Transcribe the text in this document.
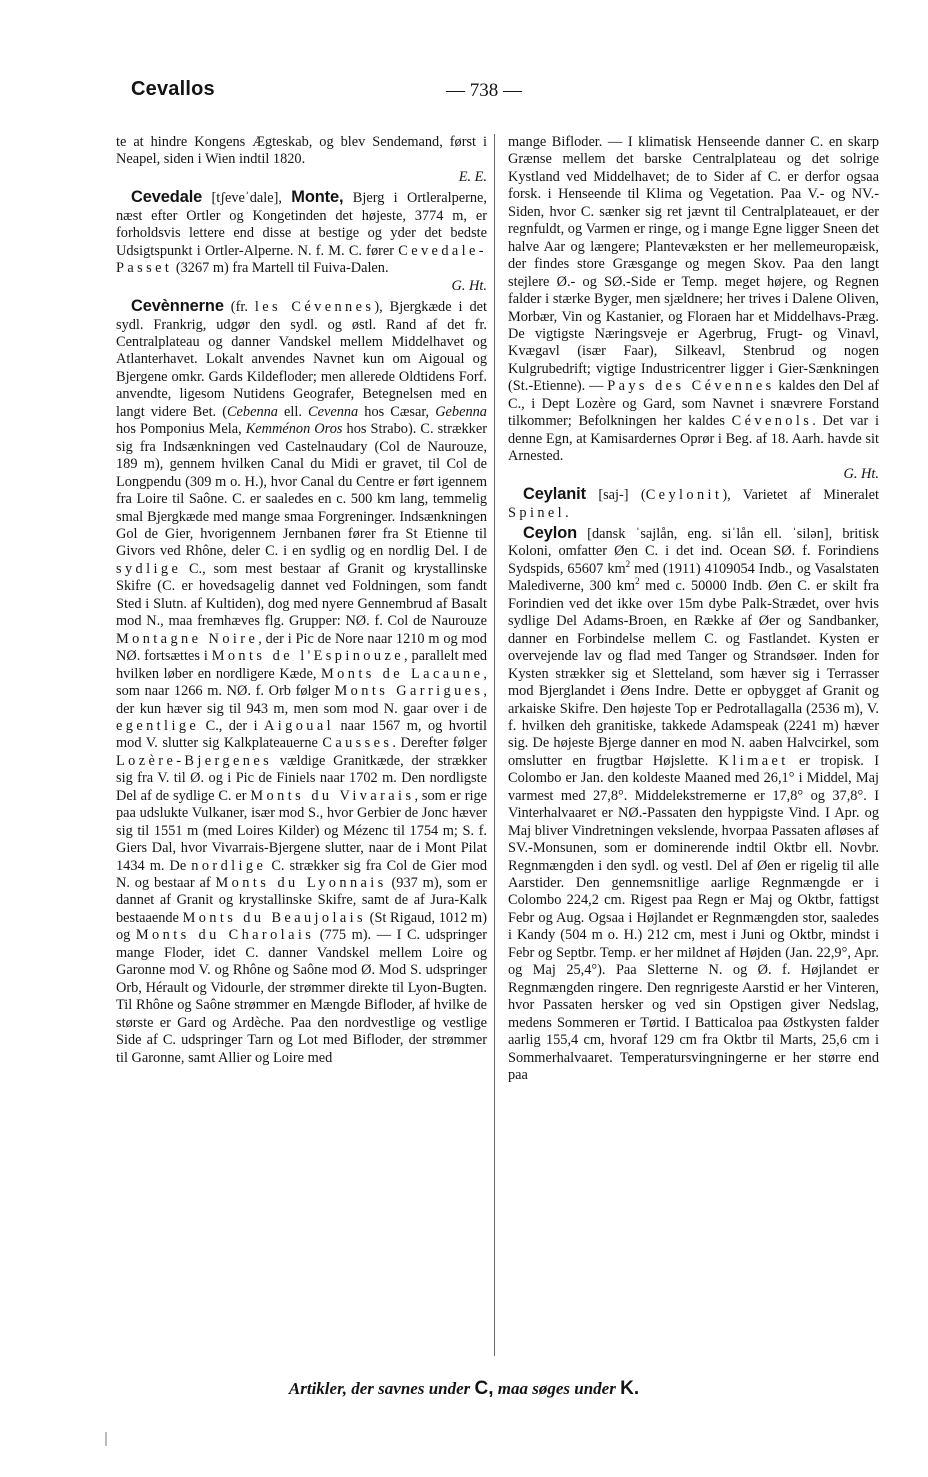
Cevallos	— 738 —

te at hindre Kongens Ægteskab, og blev Sendemand, først i Neapel, siden i Wien indtil 1820.

E. E.

Cevedale [tʃeveˈdale], Monte, Bjerg i Ortleralperne, næst efter Ortler og Kongetinden det højeste, 3774 m, er forholdsvis lettere end disse at bestige og yder det bedste Udsigtspunkt i Ortler-Alperne. N. f. M. C. fører Cevedale-Passet (3267 m) fra Martell til Fuiva-Dalen.

G. Ht.

Cevènnerne (fr. les Cévennes), Bjergkæde i det sydl. Frankrig, udgør den sydl. og østl. Rand af det fr. Centralplateau og danner Vandskel mellem Middelhavet og Atlanterhavet. Lokalt anvendes Navnet kun om Aigoual og Bjergene omkr. Gards Kildefloder; men allerede Oldtidens Forf. anvendte, ligesom Nutidens Geografer, Betegnelsen med en langt videre Bet. (Cebenna ell. Cevenna hos Cæsar, Gebenna hos Pomponius Mela, Kemménon Oros hos Strabo). C. strækker sig fra Indsænkningen ved Castelnaudary (Col de Naurouze, 189 m), gennem hvilken Canal du Midi er gravet, til Col de Longpendu (309 m o. H.), hvor Canal du Centre er ført igennem fra Loire til Saône. C. er saaledes en c. 500 km lang, temmelig smal Bjergkæde med mange smaa Forgreninger. Indsænkningen Gol de Gier, hvorigennem Jernbanen fører fra St Etienne til Givors ved Rhône, deler C. i en sydlig og en nordlig Del. I de sydlige C., som mest bestaar af Granit og krystallinske Skifre (C. er hovedsagelig dannet ved Foldningen, som fandt Sted i Slutn. af Kultiden), dog med nyere Gennembrud af Basalt mod N., maa fremhæves flg. Grupper: NØ. f. Col de Naurouze Montagne Noire, der i Pic de Nore naar 1210 m og mod NØ. fortsættes i Monts de l'Espinouze, parallelt med hvilken løber en nordligere Kæde, Monts de Lacaune, som naar 1266 m. NØ. f. Orb følger Monts Garrigues, der kun hæver sig til 943 m, men som mod N. gaar over i de egentlige C., der i Aigoual naar 1567 m, og hvortil mod V. slutter sig Kalkplateauerne Causses. Derefter følger Lozère-Bjergenes vældige Granitkæde, der strækker sig fra V. til Ø. og i Pic de Finiels naar 1702 m. Den nordligste Del af de sydlige C. er Monts du Vivarais, som er rige paa udslukte Vulkaner, især mod S., hvor Gerbier de Jonc hæver sig til 1551 m (med Loires Kilder) og Mézenc til 1754 m; S. f. Giers Dal, hvor Vivarrais-Bjergene slutter, naar de i Mont Pilat 1434 m. De nordlige C. strækker sig fra Col de Gier mod N. og bestaar af Monts du Lyonnais (937 m), som er dannet af Granit og krystallinske Skifre, samt de af Jura-Kalk bestaaende Monts du Beaujolais (St Rigaud, 1012 m) og Monts du Charolais (775 m). — I C. udspringer mange Floder, idet C. danner Vandskel mellem Loire og Garonne mod V. og Rhône og Saône mod Ø. Mod S. udspringer Orb, Hérault og Vidourle, der strømmer direkte til Lyon-Bugten. Til Rhône og Saône strømmer en Mængde Bifloder, af hvilke de største er Gard og Ardèche. Paa den nordvestlige og vestlige Side af C. udspringer Tarn og Lot med Bifloder, der strømmer til Garonne, samt Allier og Loire med

mange Bifloder. — I klimatisk Henseende danner C. en skarp Grænse mellem det barske Centralplateau og det solrige Kystland ved Middelhavet; de to Sider af C. er derfor ogsaa forsk. i Henseende til Klima og Vegetation. Paa V.- og NV.-Siden, hvor C. sænker sig ret jævnt til Centralplateauet, er der regnfuldt, og Varmen er ringe, og i mange Egne ligger Sneen det halve Aar og længere; Plantevæksten er her mellemeuropæisk, der findes store Græsgange og megen Skov. Paa den langt stejlere Ø.- og SØ.-Side er Temp. meget højere, og Regnen falder i stærke Byger, men sjældnere; her trives i Dalene Oliven, Morbær, Vin og Kastanier, og Floraen har et Middelhavs-Præg. De vigtigste Næringsveje er Agerbrug, Frugt- og Vinavl, Kvægavl (især Faar), Silkeavl, Stenbrud og nogen Kulgrubedrift; vigtige Industricentrer ligger i Gier-Sænkningen (St.-Etienne). — Pays des Cévennes kaldes den Del af C., i Dept Lozère og Gard, som Navnet i snævrere Forstand tilkommer; Befolkningen her kaldes Cévenols. Det var i denne Egn, at Kamisardernes Oprør i Beg. af 18. Aarh. havde sit Arnested.

G. Ht.

Ceylanit [saj-] (Ceylonit), Varietet af Mineralet Spinel.

Ceylon [dansk ˈsajlån, eng. siˈlån ell. ˈsilən], britisk Koloni, omfatter Øen C. i det ind. Ocean SØ. f. Forindiens Sydspids, 65607 $km^2$ med (1911) 4109054 Indb., og Vasalstaten Malediverne, 300 $km^2$ med c. 50000 Indb. Øen C. er skilt fra Forindien ved det ikke over 15m dybe Palk-Strædet, over hvis sydlige Del Adams-Broen, en Række af Øer og Sandbanker, danner en Forbindelse mellem C. og Fastlandet. Kysten er overvejende lav og flad med Tanger og Strandsøer. Inden for Kysten strækker sig et Sletteland, som hæver sig i Terrasser mod Bjerglandet i Øens Indre. Dette er opbygget af Granit og arkaiske Skifre. Den højeste Top er Pedrotallagalla (2536 m), V. f. hvilken deh granitiske, takkede Adamspeak (2241 m) hæver sig. De højeste Bjerge danner en mod N. aaben Halvcirkel, som omslutter en frugtbar Højslette. Klimaet er tropisk. I Colombo er Jan. den koldeste Maaned med 26,1° i Middel, Maj varmest med 27,8°. Middelekstremerne er 17,8° og 37,8°. I Vinterhalvaaret er NØ.-Passaten den hyppigste Vind. I Apr. og Maj bliver Vindretningen vekslende, hvorpaa Passaten afløses af SV.-Monsunen, som er dominerende indtil Oktbr ell. Novbr. Regnmængden i den sydl. og vestl. Del af Øen er rigelig til alle Aarstider. Den gennemsnitlige aarlige Regnmængde er i Colombo 224,2 cm. Rigest paa Regn er Maj og Oktbr, fattigst Febr og Aug. Ogsaa i Højlandet er Regnmængden stor, saaledes i Kandy (504 m o. H.) 212 cm, mest i Juni og Oktbr, mindst i Febr og Septbr. Temp. er her mildnet af Højden (Jan. 22,9°, Apr. og Maj 25,4°). Paa Sletterne N. og Ø. f. Højlandet er Regnmængden ringere. Den regnrigeste Aarstid er her Vinteren, hvor Passaten hersker og ved sin Opstigen giver Nedslag, medens Sommeren er Tørtid. I Batticaloa paa Østkysten falder aarlig 155,4 cm, hvoraf 129 cm fra Oktbr til Marts, 25,6 cm i Sommerhalvaaret. Temperatursvingningerne er her større end paa

Artikler, der savnes under C, maa søges under K.
